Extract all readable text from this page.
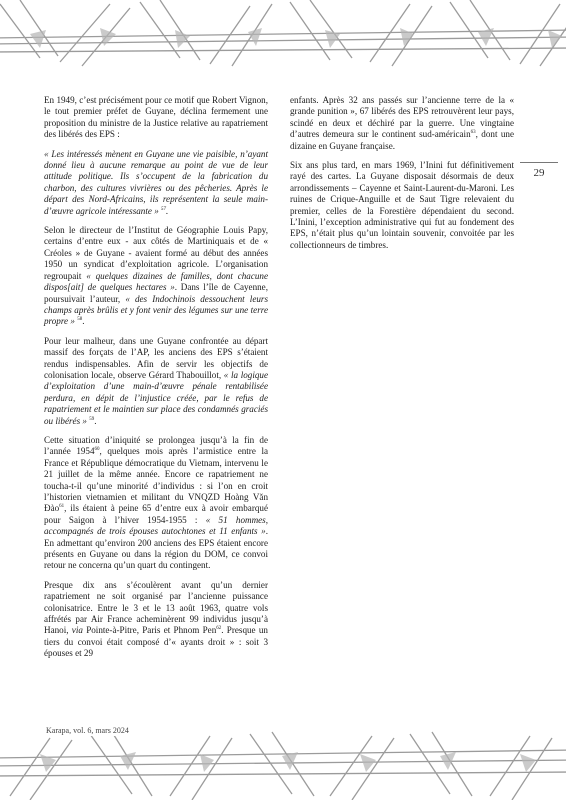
29

En 1949, c’est précisément pour ce motif que Robert Vignon, le tout premier préfet de Guyane, déclina fermement une proposition du ministre de la Justice relative au rapatriement des libérés des EPS :

« Les intéressés mènent en Guyane une vie paisible, n’ayant donné lieu à aucune remarque au point de vue de leur attitude politique. Ils s’occupent de la fabrication du charbon, des cultures vivrières ou des pêcheries. Après le départ des Nord-Africains, ils représentent la seule main-d’œuvre agricole intéressante » $^{57}$.

Selon le directeur de l’Institut de Géographie Louis Papy, certains d’entre eux - aux côtés de Martiniquais et de « Créoles » de Guyane - avaient formé au début des années 1950 un syndicat d’exploitation agricole. L’organisation regroupait « quelques dizaines de familles, dont chacune dispos[ait] de quelques hectares ». Dans l’île de Cayenne, poursuivait l’auteur, « des Indochinois dessouchent leurs champs après brûlis et y font venir des légumes sur une terre propre » $^{58}$.

Pour leur malheur, dans une Guyane confrontée au départ massif des forçats de l’AP, les anciens des EPS s’étaient rendus indispensables. Afin de servir les objectifs de colonisation locale, observe Gérard Thabouillot, « la logique d’exploitation d’une main-d’œuvre pénale rentabilisée perdura, en dépit de l’injustice créée, par le refus de rapatriement et le maintien sur place des condamnés graciés ou libérés » $^{59}$.

Cette situation d’iniquité se prolongea jusqu’à la fin de l’année 1954$^{60}$, quelques mois après l’armistice entre la France et République démocratique du Vietnam, intervenu le 21 juillet de la même année. Encore ce rapatriement ne toucha-t-il qu’une minorité d’individus : si l’on en croit l’historien vietnamien et militant du VNQZD Hoàng Văn Đào$^{61}$, ils étaient à peine 65 d’entre eux à avoir embarqué pour Saigon à l’hiver 1954-1955 : « 51 hommes, accompagnés de trois épouses autochtones et 11 enfants ». En admettant qu’environ 200 anciens des EPS étaient encore présents en Guyane ou dans la région du DOM, ce convoi retour ne concerna qu’un quart du contingent.

Presque dix ans s’écoulèrent avant qu’un dernier rapatriement ne soit organisé par l’ancienne puissance colonisatrice. Entre le 3 et le 13 août 1963, quatre vols affrétés par Air France acheminèrent 99 individus jusqu’à Hanoi, via Pointe-à-Pitre, Paris et Phnom Pen$^{62}$. Presque un tiers du convoi était composé d’« ayants droit » : soit 3 épouses et 29

enfants. Après 32 ans passés sur l’ancienne terre de la « grande punition », 67 libérés des EPS retrouvèrent leur pays, scindé en deux et déchiré par la guerre. Une vingtaine d’autres demeura sur le continent sud-américain$^{63}$, dont une dizaine en Guyane française.

Six ans plus tard, en mars 1969, l’Inini fut définitivement rayé des cartes. La Guyane disposait désormais de deux arrondissements – Cayenne et Saint-Laurent-du-Maroni. Les ruines de Crique-Anguille et de Saut Tigre relevaient du premier, celles de la Forestière dépendaient du second. L’Inini, l’exception administrative qui fut au fondement des EPS, n’était plus qu’un lointain souvenir, convoitée par les collectionneurs de timbres.

Karapa, vol. 6, mars 2024
